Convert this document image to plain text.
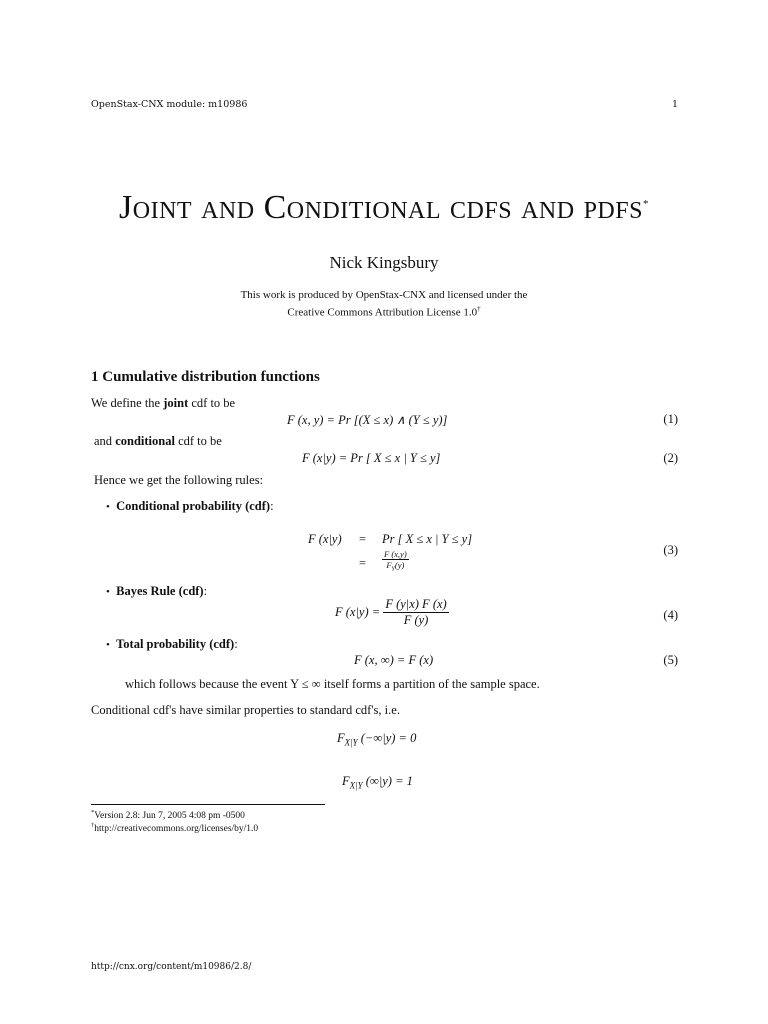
OpenStax-CNX module: m10986	1
Joint and Conditional cdfs and pdfs*
Nick Kingsbury
This work is produced by OpenStax-CNX and licensed under the
Creative Commons Attribution License 1.0†
1 Cumulative distribution functions
We define the joint cdf to be
F (x, y) = Pr [(X ≤ x) ∧ (Y ≤ y)]	(1)
and conditional cdf to be
F (x|y) = Pr [ X ≤ x | Y ≤ y]	(2)
Hence we get the following rules:
• Conditional probability (cdf):
F (x|y) = Pr [ X ≤ x | Y ≤ y]
= $\frac{F (x,y)}{F_Y(y)}$	(3)
• Bayes Rule (cdf):
F $(x|y) = \frac{F (y|x) F (x)}{F (y)}$	(4)
• Total probability (cdf):
F (x, ∞) = F (x)	(5)
which follows because the event Y ≤ ∞ itself forms a partition of the sample space.
Conditional cdf's have similar properties to standard cdf's, i.e.
$F_{X|Y}$ (−∞|y) = 0
$F_{X|Y}$ (∞|y) = 1
*Version 2.8: Jun 7, 2005 4:08 pm -0500
†http://creativecommons.org/licenses/by/1.0
http://cnx.org/content/m10986/2.8/
